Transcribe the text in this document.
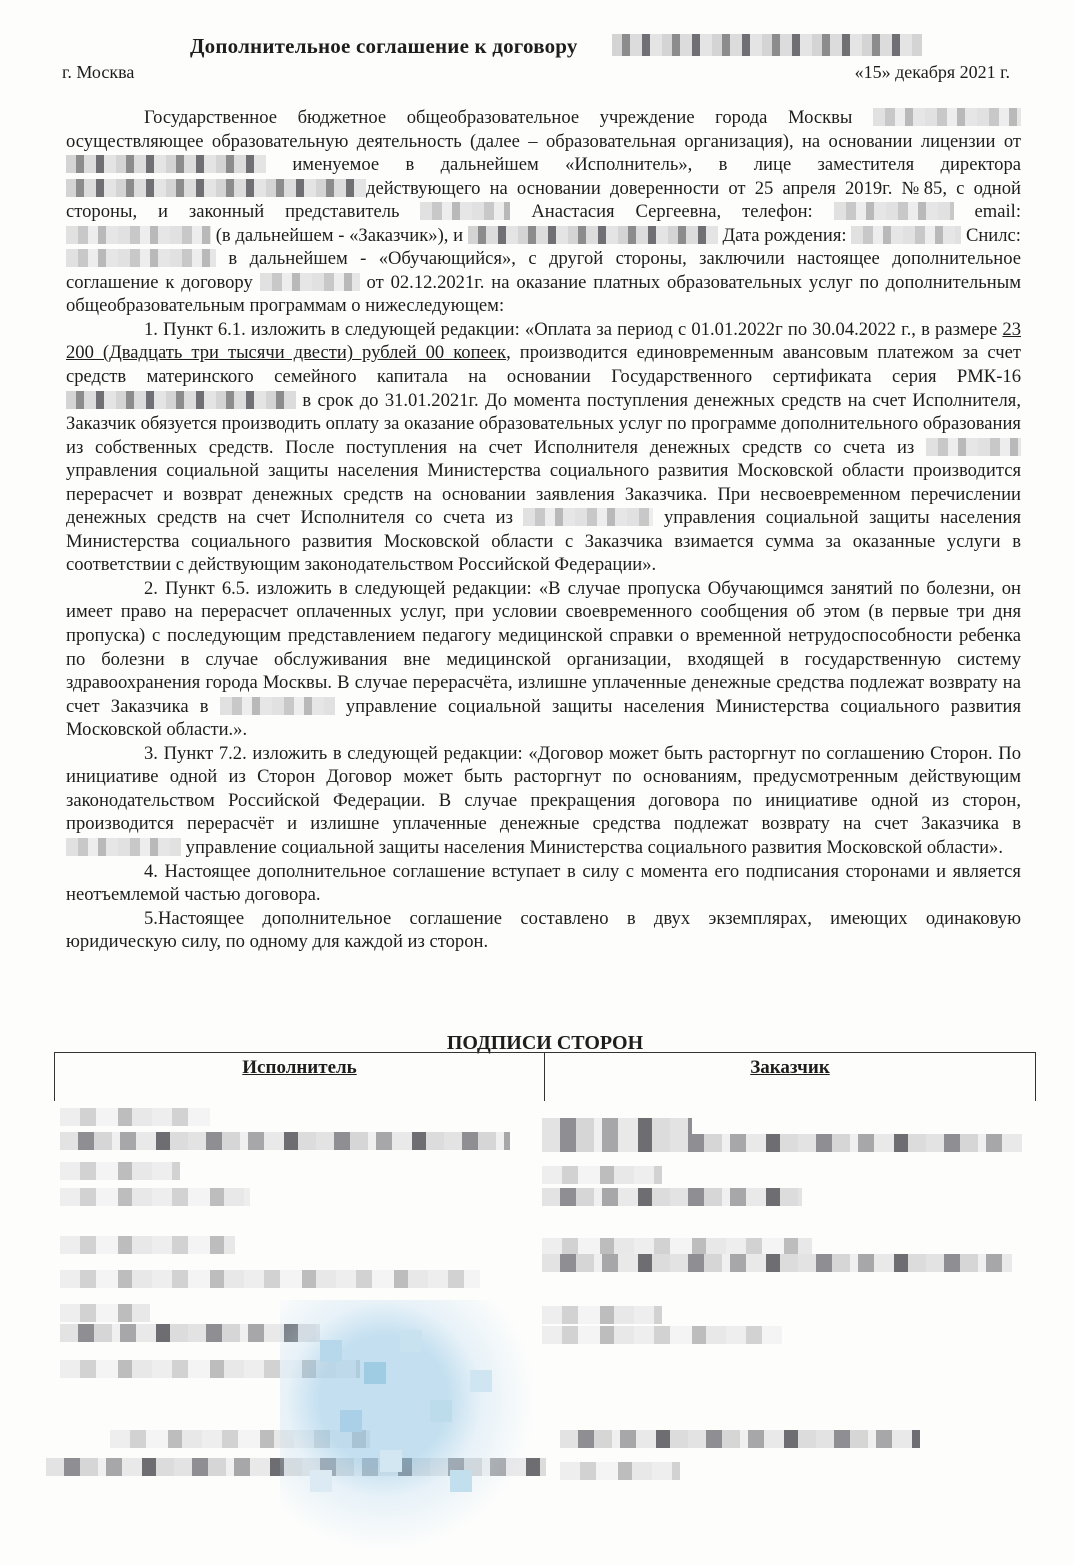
Дополнительное соглашение к договору
г. Москва	«15» декабря 2021 г.

Государственное бюджетное общеобразовательное учреждение города Москвы  осуществляющее образовательную деятельность (далее – образовательная организация), на основании лицензии от  именуемое в дальнейшем «Исполнитель», в лице заместителя директора действующего на основании доверенности от 25 апреля 2019г. №85, с одной стороны, и законный представитель	Анастасия Сергеевна, телефон:	email:  (в дальнейшем - «Заказчик»), и	Дата рождения:	Снилс:  в дальнейшем - «Обучающийся», с другой стороны, заключили настоящее дополнительное соглашение к договору	от 02.12.2021г. на оказание платных образовательных услуг по дополнительным общеобразовательным программам о нижеследующем:

1. Пункт 6.1. изложить в следующей редакции: «Оплата за период с 01.01.2022г по 30.04.2022 г., в размере 23 200 (Двадцать три тысячи двести) рублей 00 копеек, производится единовременным авансовым платежом за счет средств материнского семейного капитала на основании Государственного сертификата серия РМК-16  в срок до 31.01.2021г. До момента поступления денежных средств на счет Исполнителя, Заказчик обязуется производить оплату за оказание образовательных услуг по программе дополнительного образования из собственных средств. После поступления на счет Исполнителя денежных средств со счета из  управления социальной защиты населения Министерства социального развития Московской области производится перерасчет и возврат денежных средств на основании заявления Заказчика. При несвоевременном перечислении денежных средств на счет Исполнителя со счета из	управления социальной защиты населения Министерства социального развития Московской области с Заказчика взимается сумма за оказанные услуги в соответствии с действующим законодательством Российской Федерации».

2. Пункт 6.5. изложить в следующей редакции: «В случае пропуска Обучающимся занятий по болезни, он имеет право на перерасчет оплаченных услуг, при условии своевременного сообщения об этом (в первые три дня пропуска) с последующим представлением педагогу медицинской справки о временной нетрудоспособности ребенка по болезни в случае обслуживания вне медицинской организации, входящей в государственную систему здравоохранения города Москвы. В случае перерасчёта, излишне уплаченные денежные средства подлежат возврату на счет Заказчика в	управление социальной защиты населения Министерства социального развития Московской области.».

3. Пункт 7.2. изложить в следующей редакции: «Договор может быть расторгнут по соглашению Сторон. По инициативе одной из Сторон Договор может быть расторгнут по основаниям, предусмотренным действующим законодательством Российской Федерации. В случае прекращения договора по инициативе одной из сторон, производится перерасчёт и излишне уплаченные денежные средства подлежат возврату на счет Заказчика в  управление социальной защиты населения Министерства социального развития Московской области».

4. Настоящее дополнительное соглашение вступает в силу с момента его подписания сторонами и является неотъемлемой частью договора.

5.Настоящее дополнительное соглашение составлено в двух экземплярах, имеющих одинаковую юридическую силу, по одному для каждой из сторон.

ПОДПИСИ СТОРОН
Исполнитель	Заказчик
